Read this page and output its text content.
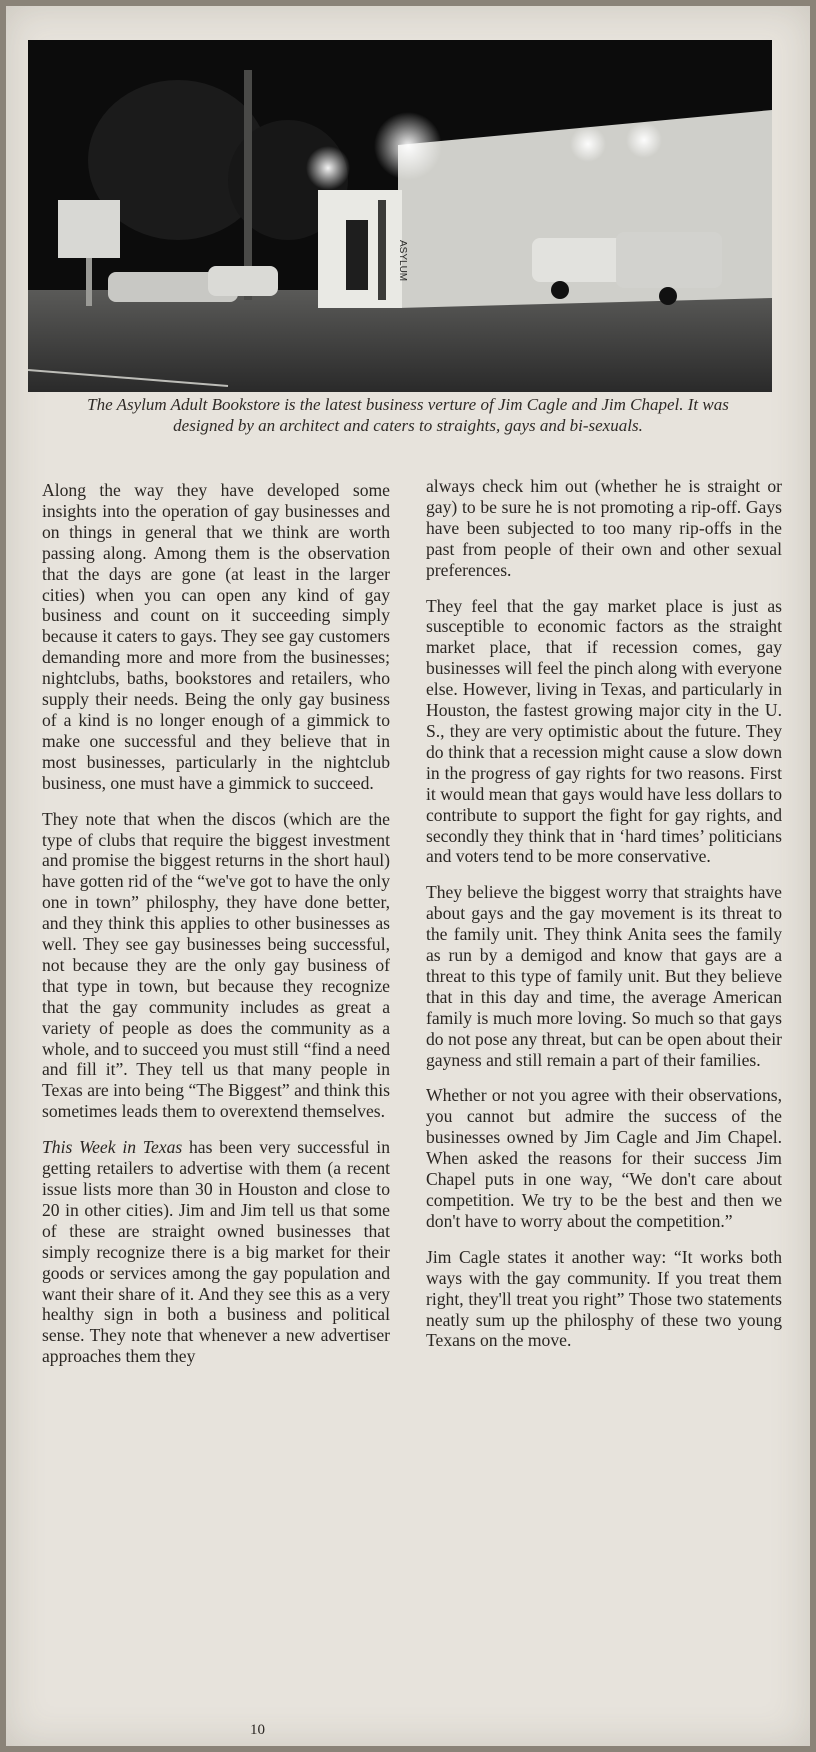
ASYLUM
The Asylum Adult Bookstore is the latest business verture of Jim Cagle and Jim Chapel. It was designed by an architect and caters to straights, gays and bi-sexuals.

Along the way they have developed some insights into the operation of gay businesses and on things in general that we think are worth passing along. Among them is the observation that the days are gone (at least in the larger cities) when you can open any kind of gay business and count on it succeeding simply because it caters to gays. They see gay customers demanding more and more from the businesses; nightclubs, baths, bookstores and retailers, who supply their needs. Being the only gay business of a kind is no longer enough of a gimmick to make one successful and they believe that in most businesses, particularly in the nightclub business, one must have a gimmick to succeed.

They note that when the discos (which are the type of clubs that require the biggest investment and promise the biggest returns in the short haul) have gotten rid of the “we've got to have the only one in town” philosphy, they have done better, and they think this applies to other businesses as well. They see gay businesses being successful, not because they are the only gay business of that type in town, but because they recognize that the gay community includes as great a variety of people as does the community as a whole, and to succeed you must still “find a need and fill it”. They tell us that many people in Texas are into being “The Biggest” and think this sometimes leads them to overextend themselves.

This Week in Texas has been very successful in getting retailers to advertise with them (a recent issue lists more than 30 in Houston and close to 20 in other cities). Jim and Jim tell us that some of these are straight owned businesses that simply recognize there is a big market for their goods or services among the gay population and want their share of it. And they see this as a very healthy sign in both a business and political sense. They note that whenever a new advertiser approaches them they

always check him out (whether he is straight or gay) to be sure he is not promoting a rip-off. Gays have been subjected to too many rip-offs in the past from people of their own and other sexual preferences.

They feel that the gay market place is just as susceptible to economic factors as the straight market place, that if recession comes, gay businesses will feel the pinch along with everyone else. However, living in Texas, and particularly in Houston, the fastest growing major city in the U. S., they are very optimistic about the future. They do think that a recession might cause a slow down in the progress of gay rights for two reasons. First it would mean that gays would have less dollars to contribute to support the fight for gay rights, and secondly they think that in ‘hard times’ politicians and voters tend to be more conservative.

They believe the biggest worry that straights have about gays and the gay movement is its threat to the family unit. They think Anita sees the family as run by a demigod and know that gays are a threat to this type of family unit. But they believe that in this day and time, the average American family is much more loving. So much so that gays do not pose any threat, but can be open about their gayness and still remain a part of their families.

Whether or not you agree with their observations, you cannot but admire the success of the businesses owned by Jim Cagle and Jim Chapel. When asked the reasons for their success Jim Chapel puts in one way, “We don't care about competition. We try to be the best and then we don't have to worry about the competition.”

Jim Cagle states it another way: “It works both ways with the gay community. If you treat them right, they'll treat you right” Those two statements neatly sum up the philosphy of these two young Texans on the move.

10
